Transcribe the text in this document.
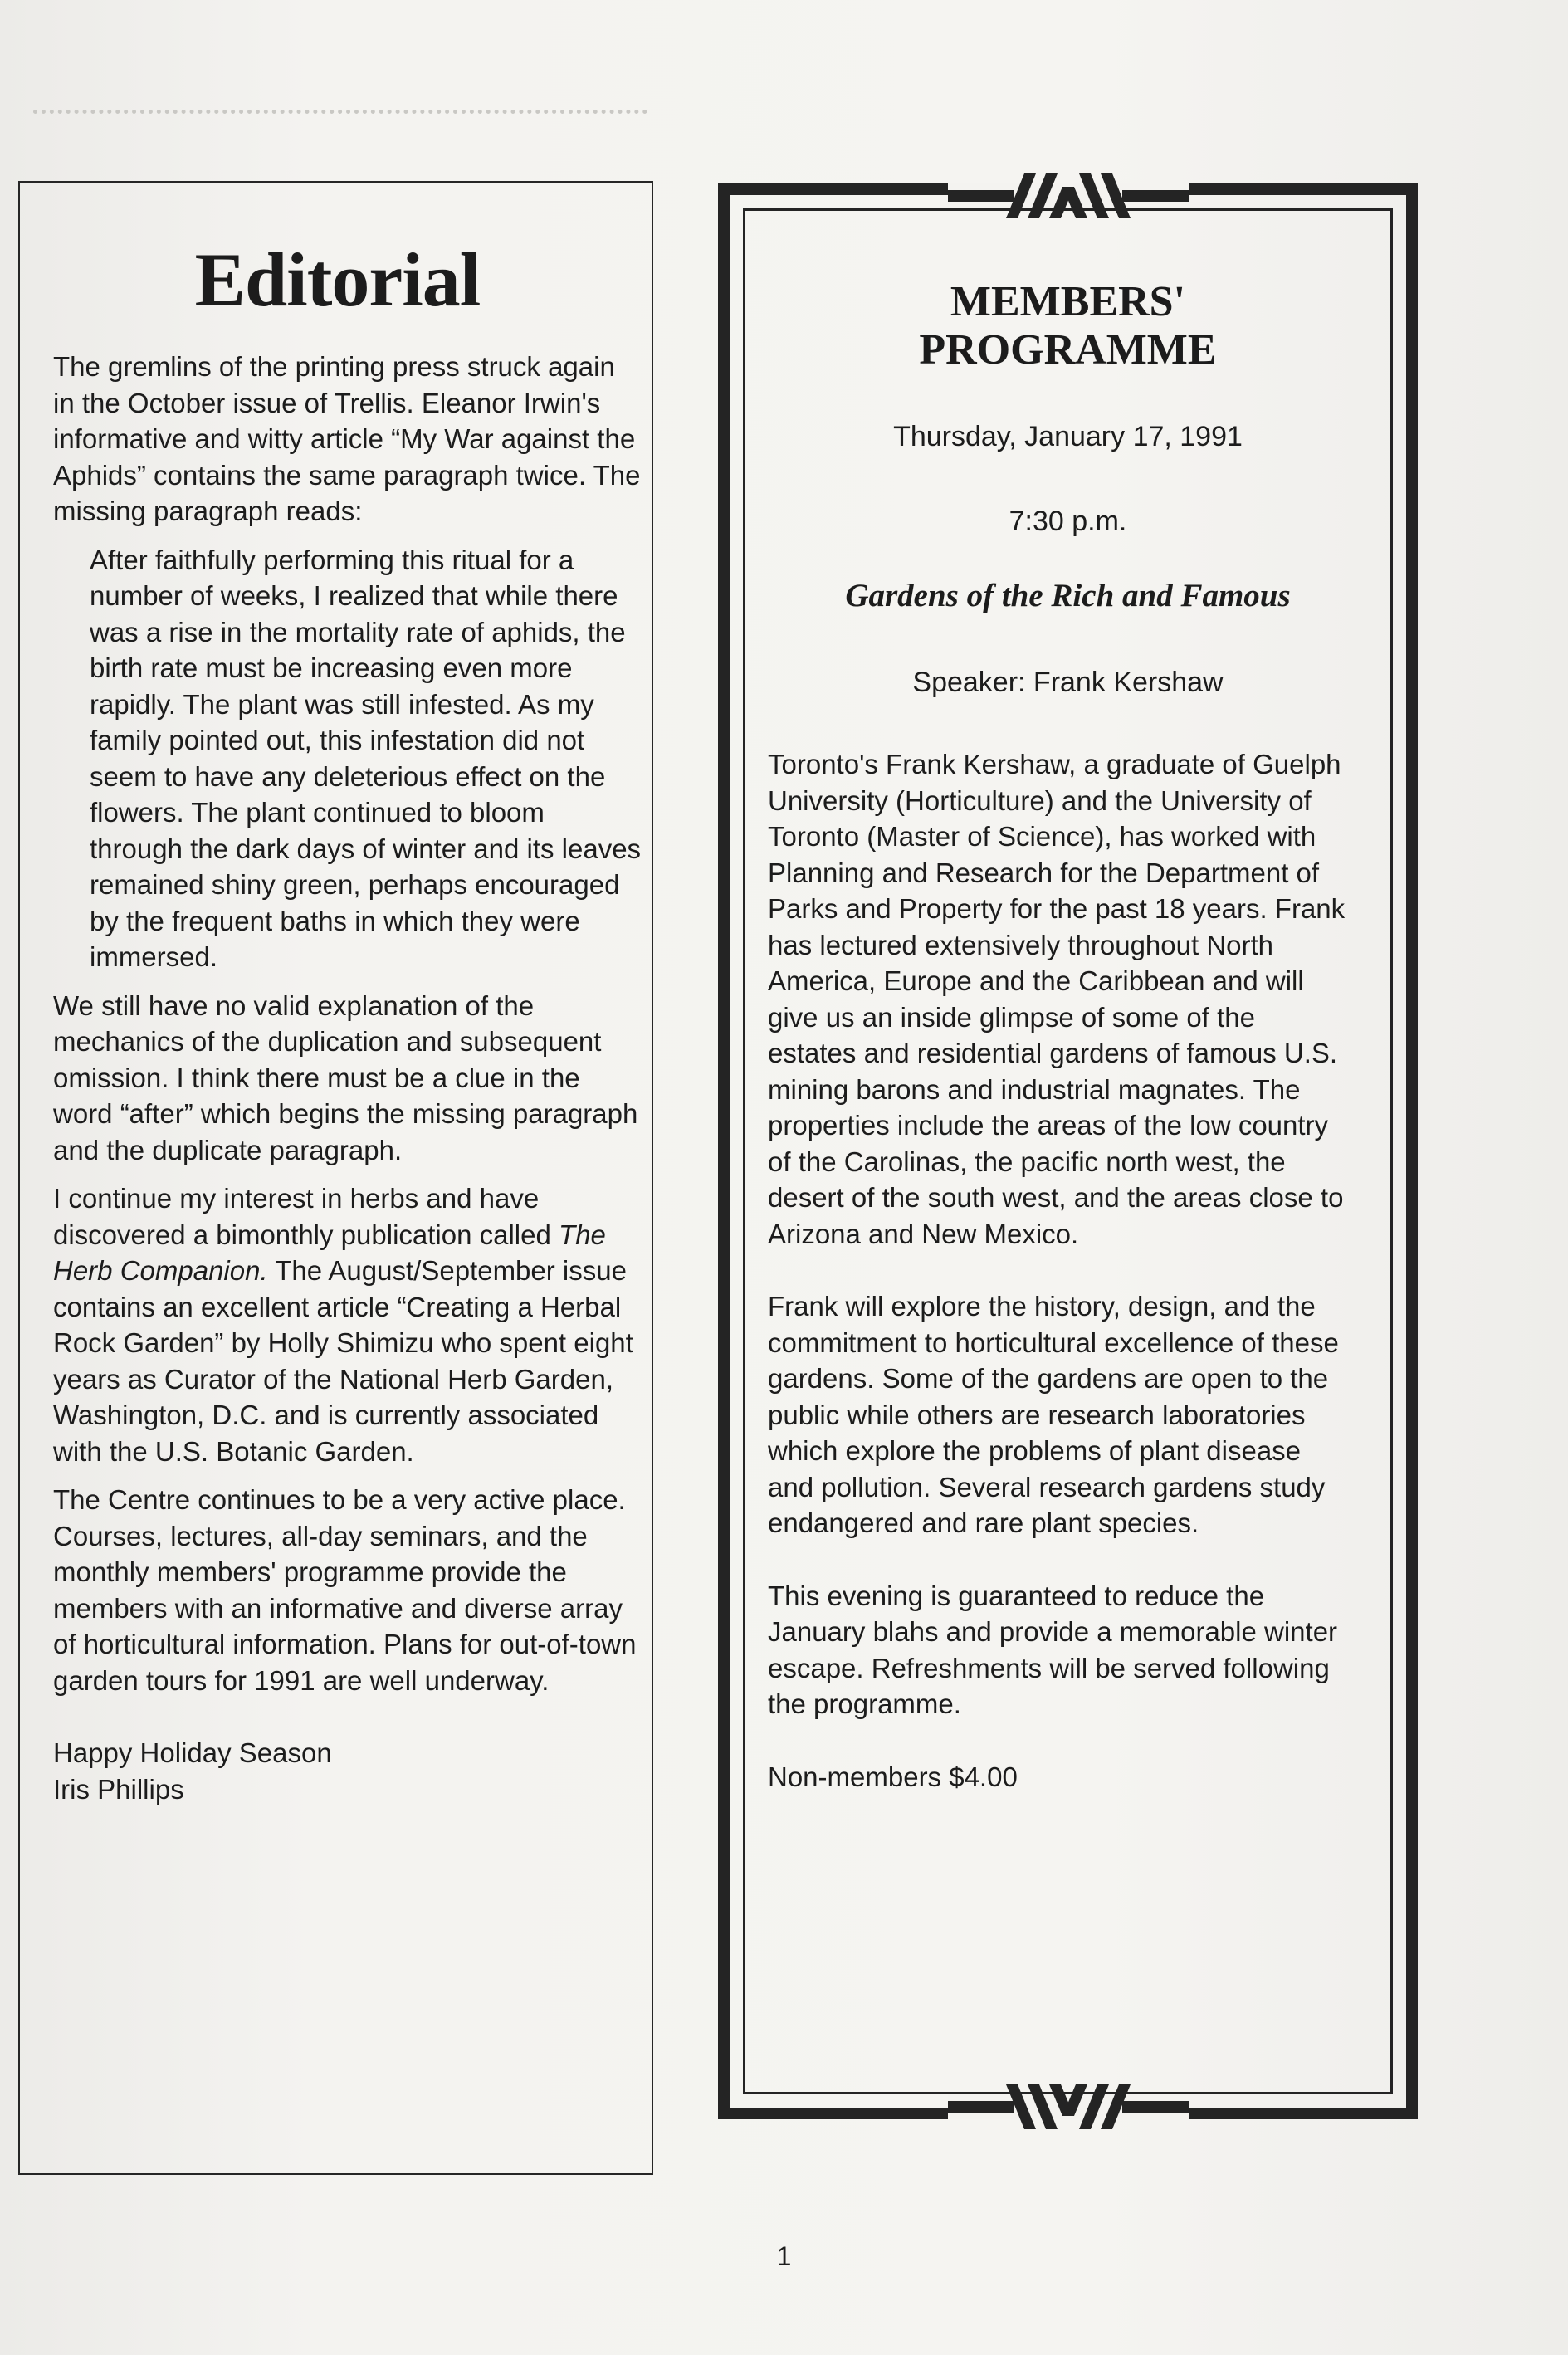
Editorial

The gremlins of the printing press struck again in the October issue of Trellis. Eleanor Irwin's informative and witty article “My War against the Aphids” contains the same paragraph twice. The missing paragraph reads:

After faithfully performing this ritual for a number of weeks, I realized that while there was a rise in the mortality rate of aphids, the birth rate must be increasing even more rapidly. The plant was still infested. As my family pointed out, this infestation did not seem to have any deleterious effect on the flowers. The plant continued to bloom through the dark days of winter and its leaves remained shiny green, perhaps encouraged by the frequent baths in which they were immersed.

We still have no valid explanation of the mechanics of the duplication and subsequent omission. I think there must be a clue in the word “after” which begins the missing paragraph and the duplicate paragraph.

I continue my interest in herbs and have discovered a bimonthly publication called The Herb Companion. The August/September issue contains an excellent article “Creating a Herbal Rock Garden” by Holly Shimizu who spent eight years as Curator of the National Herb Garden, Washington, D.C. and is currently associated with the U.S. Botanic Garden.

The Centre continues to be a very active place. Courses, lectures, all-day seminars, and the monthly members' programme provide the members with an informative and diverse array of horticultural information. Plans for out-of-town garden tours for 1991 are well underway.

Happy Holiday Season
Iris Phillips

MEMBERS'
PROGRAMME

Thursday, January 17, 1991

7:30 p.m.

Gardens of the Rich and Famous

Speaker: Frank Kershaw

Toronto's Frank Kershaw, a graduate of Guelph University (Horticulture) and the University of Toronto (Master of Science), has worked with Planning and Research for the Department of Parks and Property for the past 18 years. Frank has lectured extensively throughout North America, Europe and the Caribbean and will give us an inside glimpse of some of the estates and residential gardens of famous U.S. mining barons and industrial magnates. The properties include the areas of the low country of the Carolinas, the pacific north west, the desert of the south west, and the areas close to Arizona and New Mexico.

Frank will explore the history, design, and the commitment to horticultural excellence of these gardens. Some of the gardens are open to the public while others are research laboratories which explore the problems of plant disease and pollution. Several research gardens study endangered and rare plant species.

This evening is guaranteed to reduce the January blahs and provide a memorable winter escape. Refreshments will be served following the programme.

Non-members $4.00

1
